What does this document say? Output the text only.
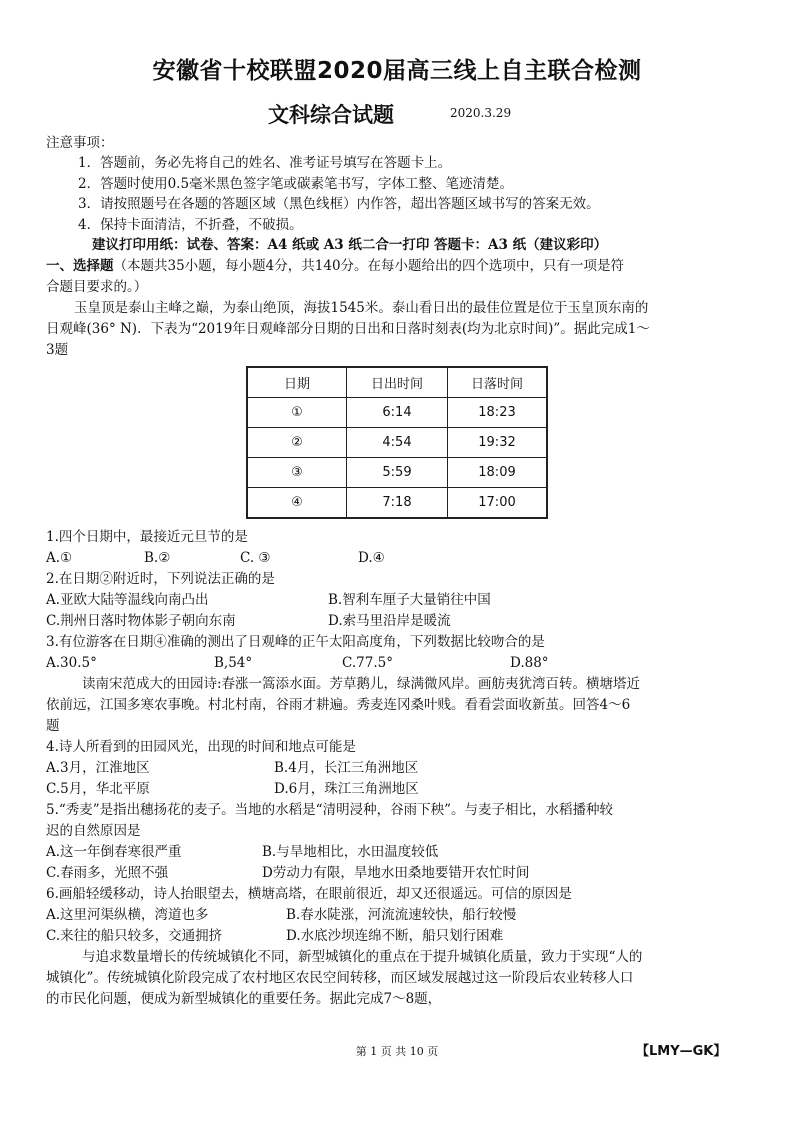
安徽省十校联盟2020届高三线上自主联合检测
文科综合试题	2020.3.29
注意事项：
1．答题前，务必先将自己的姓名、准考证号填写在答题卡上。
2．答题时使用0.5毫米黑色签字笔或碳素笔书写，字体工整、笔迹清楚。
3．请按照题号在各题的答题区域（黑色线框）内作答，超出答题区域书写的答案无效。
4．保持卡面清洁，不折叠，不破损。
建议打印用纸：试卷、答案：A4 纸或 A3 纸二合一打印 答题卡：A3 纸（建议彩印）
一、选择题（本题共35小题，每小题4分，共140分。在每小题给出的四个选项中，只有一项是符
合题目要求的。）
玉皇顶是泰山主峰之巅，为泰山绝顶，海拔1545米。泰山看日出的最佳位置是位于玉皇顶东南的
日观峰(36° N)．下表为“2019年日观峰部分日期的日出和日落时刻表(均为北京时间)”。据此完成1～
3题
日期	日出时间	日落时间
①	6:14	18:23
②	4:54	19:32
③	5:59	18:09
④	7:18	17:00
1.四个日期中，最接近元旦节的是
A.①	B.②	C. ③	D.④
2.在日期②附近时，下列说法正确的是
A.亚欧大陆等温线向南凸出	B.智利车厘子大量销往中国
C.荆州日落时物体影子朝向东南	D.索马里沿岸是暖流
3.有位游客在日期④准确的测出了日观峰的正午太阳高度角，下列数据比较吻合的是
A.30.5°	B,54°	C.77.5°	D.88°
读南宋范成大的田园诗:春涨一篙添水面。芳草鹅儿，绿满微风岸。画舫夷犹湾百转。横塘塔近
依前远，江国多寒农事晚。村北村南，谷雨才耕遍。秀麦连冈桑叶贱。看看尝面收新茧。回答4～6
题
4.诗人所看到的田园风光，出现的时间和地点可能是
A.3月，江淮地区	B.4月，长江三角洲地区
C.5月，华北平原	D.6月，珠江三角洲地区
5.“秀麦”是指出穗扬花的麦子。当地的水稻是“清明浸种，谷雨下秧”。与麦子相比，水稻播种较
迟的自然原因是
A.这一年倒春寒很严重	B.与旱地相比，水田温度较低
C.春雨多，光照不强	D劳动力有限，旱地水田桑地要错开农忙时间
6.画船轻缓移动，诗人抬眼望去，横塘高塔，在眼前很近，却又还很遥远。可信的原因是
A.这里河渠纵横，湾道也多	B.春水陡涨，河流流速较快，船行较慢
C.来往的船只较多，交通拥挤	D.水底沙坝连绵不断，船只划行困难
与追求数量增长的传统城镇化不同，新型城镇化的重点在于提升城镇化质量，致力于实现“人的
城镇化”。传统城镇化阶段完成了农村地区农民空间转移，而区域发展越过这一阶段后农业转移人口
的市民化问题，便成为新型城镇化的重要任务。据此完成7～8题，
第 1 页 共 10 页	【LMY—GK】
